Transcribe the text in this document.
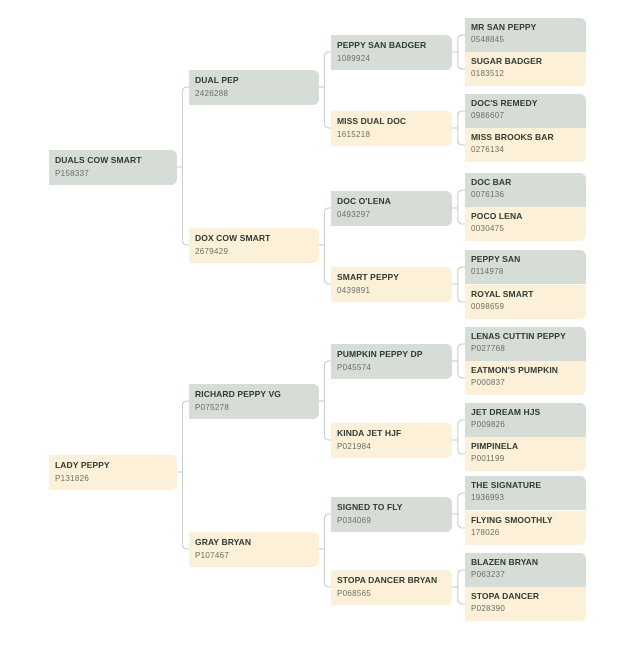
DUALS COW SMART
P158337
DUAL PEP
2426288
PEPPY SAN BADGER
1089924
MR SAN PEPPY
0548845
SUGAR BADGER
0183512
MISS DUAL DOC
1615218
DOC'S REMEDY
0986607
MISS BROOKS BAR
0276134
DOX COW SMART
2679429
DOC O'LENA
0493297
DOC BAR
0076136
POCO LENA
0030475
SMART PEPPY
0439891
PEPPY SAN
0114978
ROYAL SMART
0098659
LADY PEPPY
P131826
RICHARD PEPPY VG
P075278
PUMPKIN PEPPY DP
P045574
LENAS CUTTIN PEPPY
P027768
EATMON'S PUMPKIN
P000837
KINDA JET HJF
P021984
JET DREAM HJS
P009826
PIMPINELA
P001199
GRAY BRYAN
P107467
SIGNED TO FLY
P034069
THE SIGNATURE
1936993
FLYING SMOOTHLY
178026
STOPA DANCER BRYAN
P068565
BLAZEN BRYAN
P063237
STOPA DANCER
P028390
